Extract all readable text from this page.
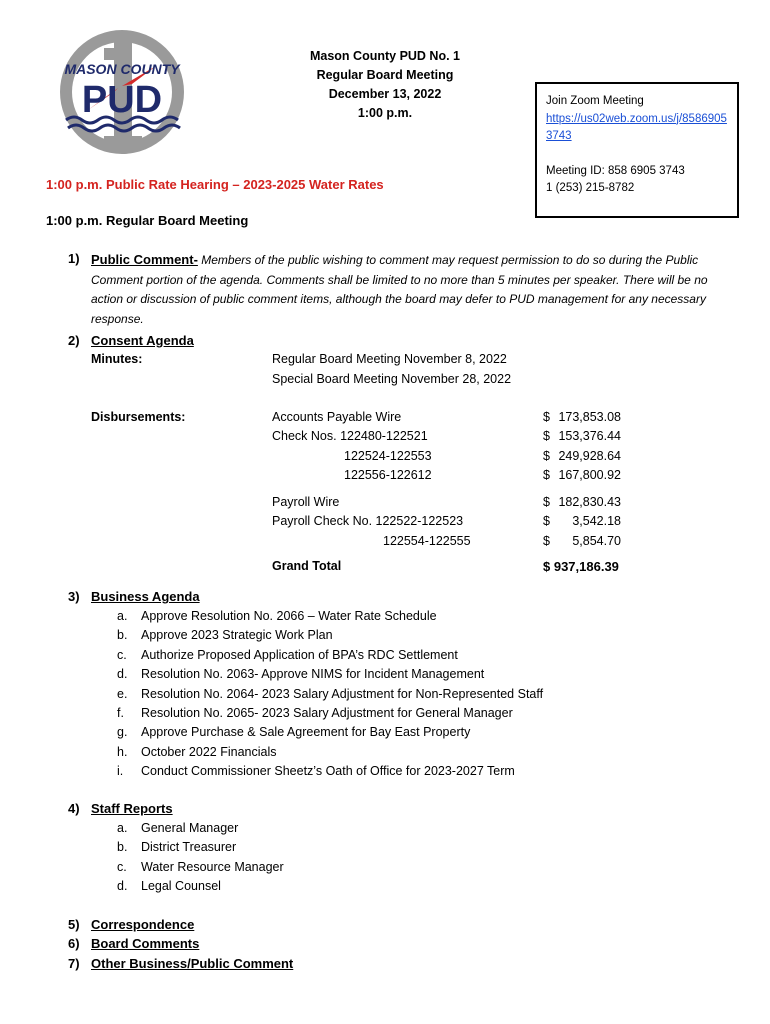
MASON COUNTY
PUD
Mason County PUD No. 1
Regular Board Meeting
December 13, 2022
1:00 p.m.
Join Zoom Meeting
https://us02web.zoom.us/j/85869053743
Meeting ID: 858 6905 3743
1 (253) 215-8782
1:00 p.m. Public Rate Hearing – 2023-2025 Water Rates
1:00 p.m. Regular Board Meeting
1) Public Comment- Members of the public wishing to comment may request permission to do so during the Public Comment portion of the agenda. Comments shall be limited to no more than 5 minutes per speaker. There will be no action or discussion of public comment items, although the board may defer to PUD management for any necessary response.
2) Consent Agenda
Minutes:	Regular Board Meeting November 8, 2022
Special Board Meeting November 28, 2022
Disbursements:	Accounts Payable Wire	$ 173,853.08
Check Nos. 122480-122521	$ 153,376.44
122524-122553	$ 249,928.64
122556-122612	$ 167,800.92
Payroll Wire	$ 182,830.43
Payroll Check No. 122522-122523	$	3,542.18
122554-122555	$	5,854.70
Grand Total	$ 937,186.39
3) Business Agenda
a. Approve Resolution No. 2066 – Water Rate Schedule
b. Approve 2023 Strategic Work Plan
c. Authorize Proposed Application of BPA’s RDC Settlement
d. Resolution No. 2063- Approve NIMS for Incident Management
e. Resolution No. 2064- 2023 Salary Adjustment for Non-Represented Staff
f. Resolution No. 2065- 2023 Salary Adjustment for General Manager
g. Approve Purchase & Sale Agreement for Bay East Property
h. October 2022 Financials
i. Conduct Commissioner Sheetz’s Oath of Office for 2023-2027 Term
4) Staff Reports
a. General Manager
b. District Treasurer
c. Water Resource Manager
d. Legal Counsel
5) Correspondence
6) Board Comments
7) Other Business/Public Comment
